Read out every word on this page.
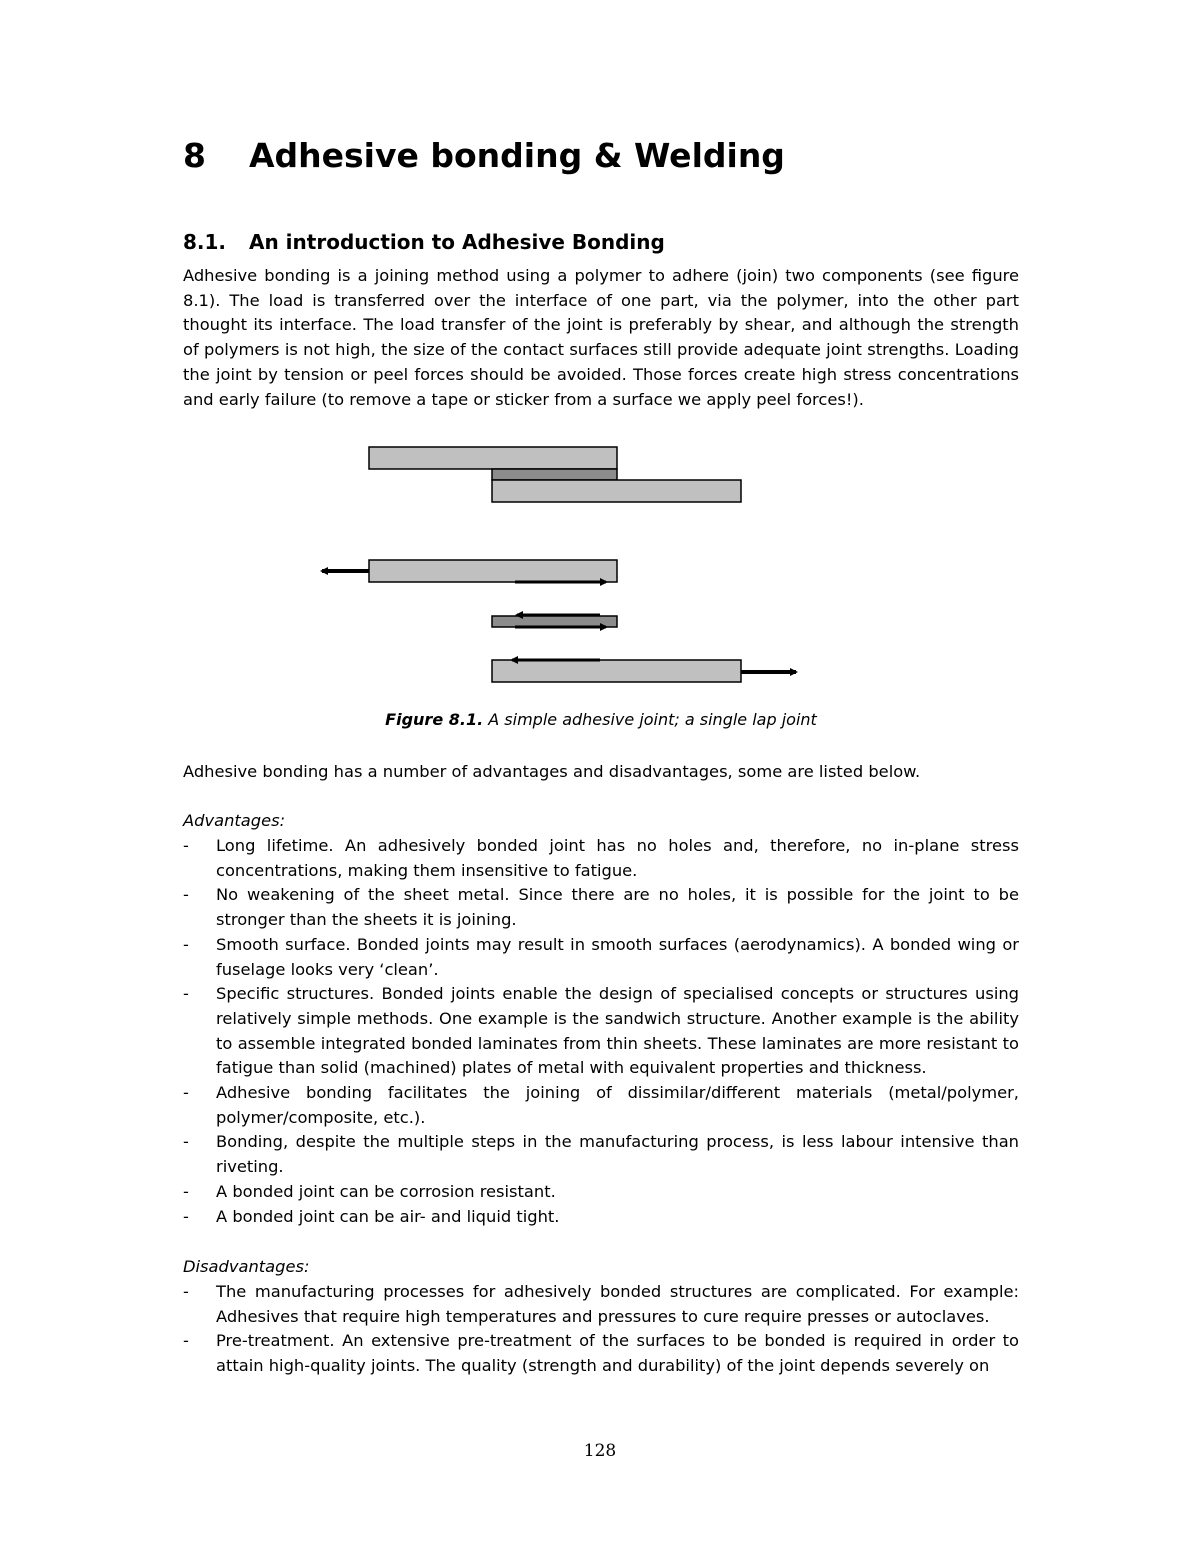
8 Adhesive bonding & Welding
8.1. An introduction to Adhesive Bonding

Adhesive bonding is a joining method using a polymer to adhere (join) two components (see figure 8.1). The load is transferred over the interface of one part, via the polymer, into the other part thought its interface. The load transfer of the joint is preferably by shear, and although the strength of polymers is not high, the size of the contact surfaces still provide adequate joint strengths. Loading the joint by tension or peel forces should be avoided. Those forces create high stress concentrations and early failure (to remove a tape or sticker from a surface we apply peel forces!).

Figure 8.1. A simple adhesive joint; a single lap joint

Adhesive bonding has a number of advantages and disadvantages, some are listed below.

Advantages:

- Long lifetime. An adhesively bonded joint has no holes and, therefore, no in-plane stress concentrations, making them insensitive to fatigue.
- No weakening of the sheet metal. Since there are no holes, it is possible for the joint to be stronger than the sheets it is joining.
- Smooth surface. Bonded joints may result in smooth surfaces (aerodynamics). A bonded wing or fuselage looks very ‘clean’.
- Specific structures. Bonded joints enable the design of specialised concepts or structures using relatively simple methods. One example is the sandwich structure. Another example is the ability to assemble integrated bonded laminates from thin sheets. These laminates are more resistant to fatigue than solid (machined) plates of metal with equivalent properties and thickness.
- Adhesive bonding facilitates the joining of dissimilar/different materials (metal/polymer, polymer/composite, etc.).
- Bonding, despite the multiple steps in the manufacturing process, is less labour intensive than riveting.
- A bonded joint can be corrosion resistant.
- A bonded joint can be air- and liquid tight.

Disadvantages:

- The manufacturing processes for adhesively bonded structures are complicated. For example: Adhesives that require high temperatures and pressures to cure require presses or autoclaves.
- Pre-treatment. An extensive pre-treatment of the surfaces to be bonded is required in order to attain high-quality joints. The quality (strength and durability) of the joint depends severely on
128
